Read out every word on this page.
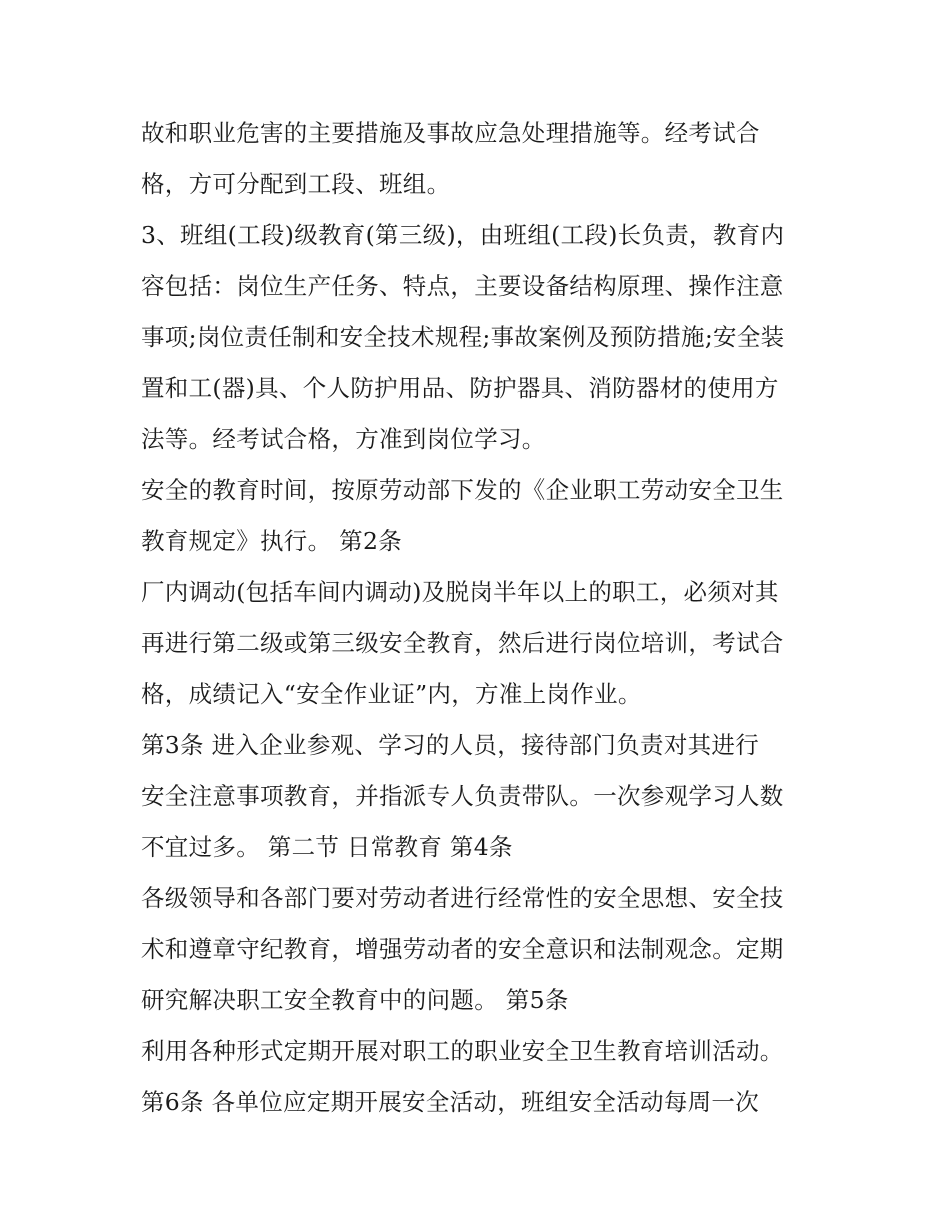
故和职业危害的主要措施及事故应急处理措施等。经考试合
格，方可分配到工段、班组。
3、班组(工段)级教育(第三级)，由班组(工段)长负责，教育内
容包括：岗位生产任务、特点，主要设备结构原理、操作注意
事项;岗位责任制和安全技术规程;事故案例及预防措施;安全装
置和工(器)具、个人防护用品、防护器具、消防器材的使用方
法等。经考试合格，方准到岗位学习。
安全的教育时间，按原劳动部下发的《企业职工劳动安全卫生
教育规定》执行。 第2条
厂内调动(包括车间内调动)及脱岗半年以上的职工，必须对其
再进行第二级或第三级安全教育，然后进行岗位培训，考试合
格，成绩记入“安全作业证”内，方准上岗作业。
第3条 进入企业参观、学习的人员，接待部门负责对其进行
安全注意事项教育，并指派专人负责带队。一次参观学习人数
不宜过多。 第二节 日常教育 第4条
各级领导和各部门要对劳动者进行经常性的安全思想、安全技
术和遵章守纪教育，增强劳动者的安全意识和法制观念。定期
研究解决职工安全教育中的问题。 第5条
利用各种形式定期开展对职工的职业安全卫生教育培训活动。
第6条 各单位应定期开展安全活动，班组安全活动每周一次
